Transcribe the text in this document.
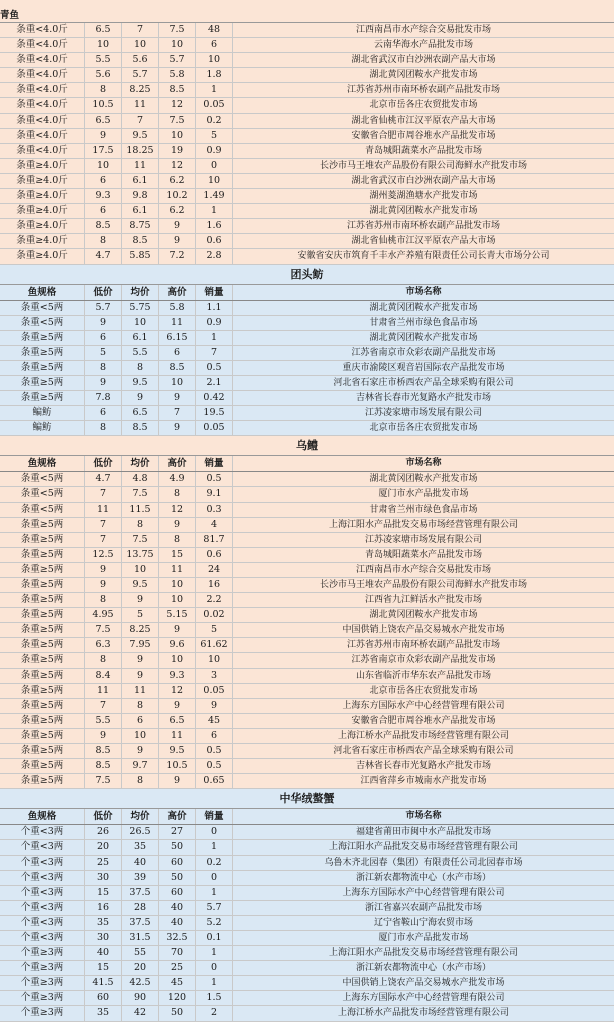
青鱼
条重<4.0斤	6.5	7	7.5	48	江西南昌市水产综合交易批发市场
条重<4.0斤	10	10	10	6	云南华海水产品批发市场
条重<4.0斤	5.5	5.6	5.7	10	湖北省武汉市白沙洲农副产品大市场
条重<4.0斤	5.6	5.7	5.8	1.8	湖北黄冈团鞍水产批发市场
条重<4.0斤	8	8.25	8.5	1	江苏省苏州市南环桥农副产品批发市场
条重<4.0斤	10.5	11	12	0.05	北京市岳各庄农贸批发市场
条重<4.0斤	6.5	7	7.5	0.2	湖北省仙桃市江汉平原农产品大市场
条重<4.0斤	9	9.5	10	5	安徽省合肥市周谷堆水产品批发市场
条重<4.0斤	17.5	18.25	19	0.9	青岛城阳蔬菜水产品批发市场
条重≥4.0斤	10	11	12	0	长沙市马王堆农产品股份有限公司海鲜水产批发市场
条重≥4.0斤	6	6.1	6.2	10	湖北省武汉市白沙洲农副产品大市场
条重≥4.0斤	9.3	9.8	10.2	1.49	湖州菱湖渔塘水产批发市场
条重≥4.0斤	6	6.1	6.2	1	湖北黄冈团鞍水产批发市场
条重≥4.0斤	8.5	8.75	9	1.6	江苏省苏州市南环桥农副产品批发市场
条重≥4.0斤	8	8.5	9	0.6	湖北省仙桃市江汉平原农产品大市场
条重≥4.0斤	4.7	5.85	7.2	2.8	安徽省安庆市筑育千丰水产养殖有限责任公司长青大市场分公司
团头鲂
鱼规格	低价	均价	高价	销量	市场名称
条重<5两	5.7	5.75	5.8	1.1	湖北黄冈团鞍水产批发市场
条重<5两	9	10	11	0.9	甘肃省兰州市绿色食品市场
条重≥5两	6	6.1	6.15	1	湖北黄冈团鞍水产批发市场
条重≥5两	5	5.5	6	7	江苏省南京市众彩农副产品批发市场
条重≥5两	8	8	8.5	0.5	重庆市渝陵区观音岩国际农产品批发市场
条重≥5两	9	9.5	10	2.1	河北省石家庄市桥西农产品全球采购有限公司
条重≥5两	7.8	9	9	0.42	吉林省长春市光复路水产批发市场
鳊鲂	6	6.5	7	19.5	江苏凌家塘市场发展有限公司
鳊鲂	8	8.5	9	0.05	北京市岳各庄农贸批发市场
乌鳢
鱼规格	低价	均价	高价	销量	市场名称
条重<5两	4.7	4.8	4.9	0.5	湖北黄冈团鞍水产批发市场
条重<5两	7	7.5	8	9.1	厦门市水产品批发市场
条重<5两	11	11.5	12	0.3	甘肃省兰州市绿色食品市场
条重≥5两	7	8	9	4	上海江阳水产品批发交易市场经营管理有限公司
条重≥5两	7	7.5	8	81.7	江苏凌家塘市场发展有限公司
条重≥5两	12.5	13.75	15	0.6	青岛城阳蔬菜水产品批发市场
条重≥5两	9	10	11	24	江西南昌市水产综合交易批发市场
条重≥5两	9	9.5	10	16	长沙市马王堆农产品股份有限公司海鲜水产批发市场
条重≥5两	8	9	10	2.2	江西省九江鲜活水产批发市场
条重≥5两	4.95	5	5.15	0.02	湖北黄冈团鞍水产批发市场
条重≥5两	7.5	8.25	9	5	中国供销上饶农产品交易城水产批发市场
条重≥5两	6.3	7.95	9.6	61.62	江苏省苏州市南环桥农副产品批发市场
条重≥5两	8	9	10	10	江苏省南京市众彩农副产品批发市场
条重≥5两	8.4	9	9.3	3	山东省临沂市华东农产品批发市场
条重≥5两	11	11	12	0.05	北京市岳各庄农贸批发市场
条重≥5两	7	8	9	9	上海东方国际水产中心经营管理有限公司
条重≥5两	5.5	6	6.5	45	安徽省合肥市周谷堆水产品批发市场
条重≥5两	9	10	11	6	上海江桥水产品批发市场经营管理有限公司
条重≥5两	8.5	9	9.5	0.5	河北省石家庄市桥西农产品全球采购有限公司
条重≥5两	8.5	9.7	10.5	0.5	吉林省长春市光复路水产批发市场
条重≥5两	7.5	8	9	0.65	江西省萍乡市城南水产批发市场
中华绒螯蟹
鱼规格	低价	均价	高价	销量	市场名称
个重<3两	26	26.5	27	0	福建省莆田市闽中水产品批发市场
个重<3两	20	35	50	1	上海江阳水产品批发交易市场经营管理有限公司
个重<3两	25	40	60	0.2	乌鲁木齐北园春（集团）有限责任公司北园春市场
个重<3两	30	39	50	0	浙江新农都物流中心（水产市场）
个重<3两	15	37.5	60	1	上海东方国际水产中心经营管理有限公司
个重<3两	16	28	40	5.7	浙江省嘉兴农副产品批发市场
个重<3两	35	37.5	40	5.2	辽宁省鞍山宁海农贸市场
个重<3两	30	31.5	32.5	0.1	厦门市水产品批发市场
个重≥3两	40	55	70	1	上海江阳水产品批发交易市场经营管理有限公司
个重≥3两	15	20	25	0	浙江新农都物流中心（水产市场）
个重≥3两	41.5	42.5	45	1	中国供销上饶农产品交易城水产批发市场
个重≥3两	60	90	120	1.5	上海东方国际水产中心经营管理有限公司
个重≥3两	35	42	50	2	上海江桥水产品批发市场经营管理有限公司
